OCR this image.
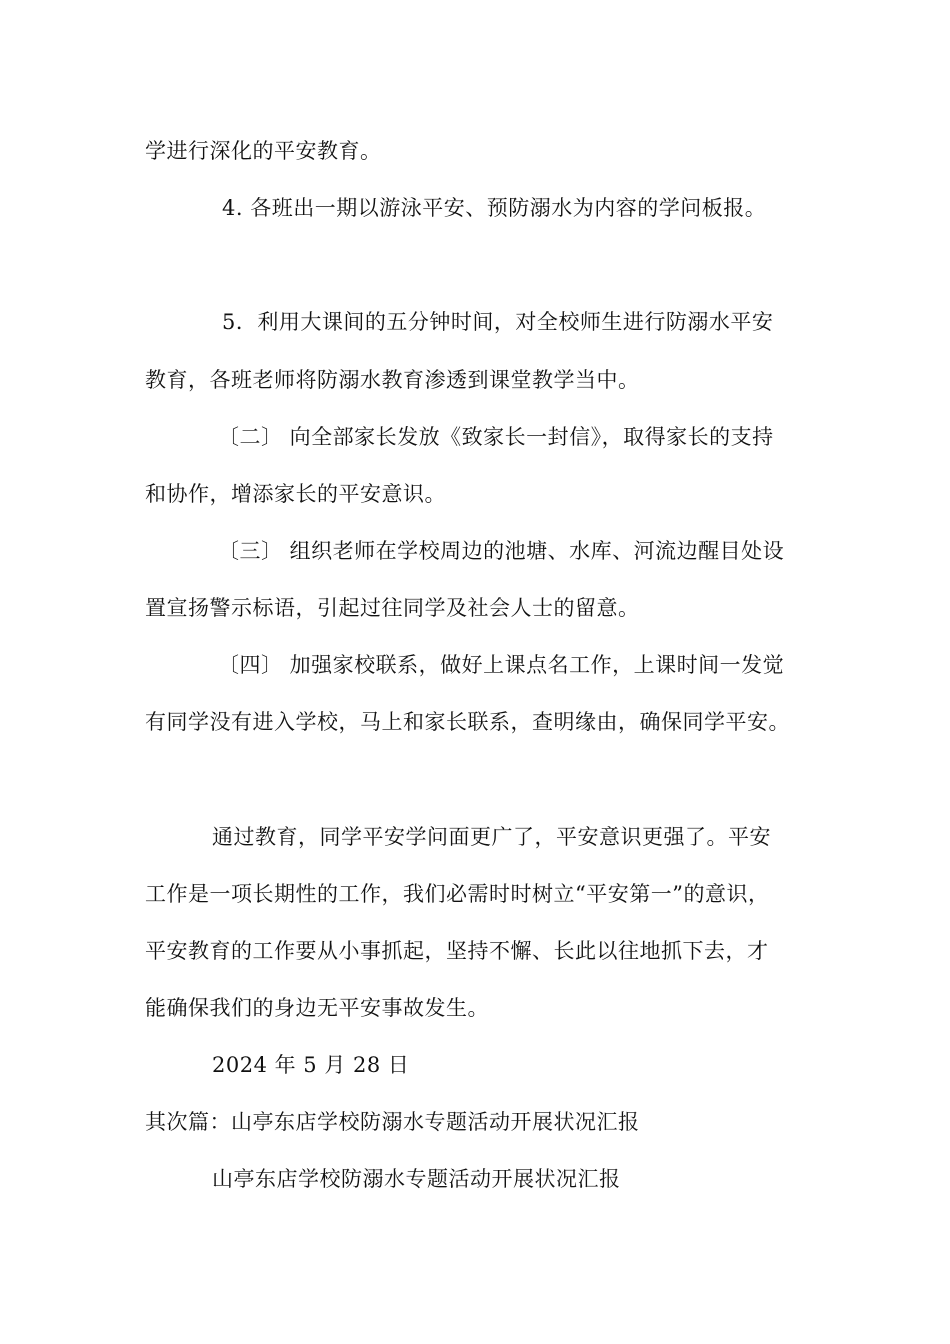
学进行深化的平安教育。
4. 各班出一期以游泳平安、预防溺水为内容的学问板报。
5．利用大课间的五分钟时间，对全校师生进行防溺水平安
教育，各班老师将防溺水教育渗透到课堂教学当中。
〔二〕 向全部家长发放《致家长一封信》，取得家长的支持
和协作，增添家长的平安意识。
〔三〕 组织老师在学校周边的池塘、水库、河流边醒目处设
置宣扬警示标语，引起过往同学及社会人士的留意。
〔四〕 加强家校联系，做好上课点名工作，上课时间一发觉
有同学没有进入学校，马上和家长联系，查明缘由，确保同学平安。
通过教育，同学平安学问面更广了，平安意识更强了。平安
工作是一项长期性的工作，我们必需时时树立“平安第一”的意识，
平安教育的工作要从小事抓起，坚持不懈、长此以往地抓下去，才
能确保我们的身边无平安事故发生。
2024 年 5 月 28 日
其次篇：山亭东店学校防溺水专题活动开展状况汇报
山亭东店学校防溺水专题活动开展状况汇报
